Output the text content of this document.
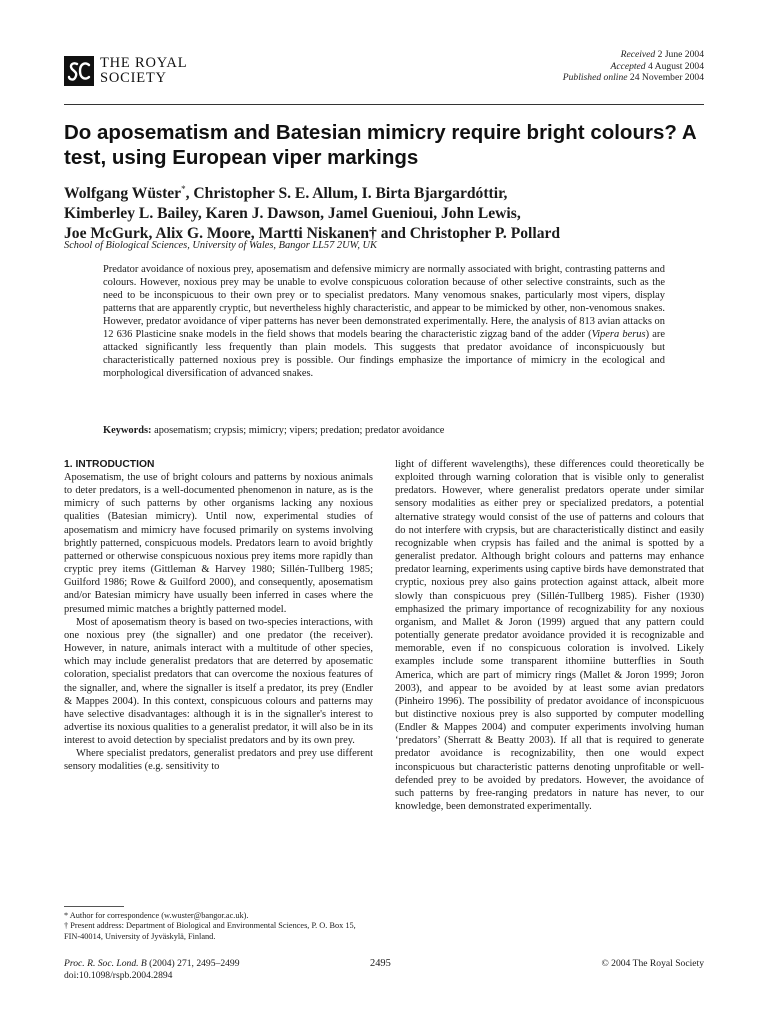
THE ROYAL
SOCIETY
Received 2 June 2004
Accepted 4 August 2004
Published online 24 November 2004
Do aposematism and Batesian mimicry require bright colours? A test, using European viper markings
Wolfgang Wüster*, Christopher S. E. Allum, I. Birta Bjargardóttir,
Kimberley L. Bailey, Karen J. Dawson, Jamel Guenioui, John Lewis,
Joe McGurk, Alix G. Moore, Martti Niskanen† and Christopher P. Pollard
School of Biological Sciences, University of Wales, Bangor LL57 2UW, UK

Predator avoidance of noxious prey, aposematism and defensive mimicry are normally associated with bright, contrasting patterns and colours. However, noxious prey may be unable to evolve conspicuous coloration because of other selective constraints, such as the need to be inconspicuous to their own prey or to specialist predators. Many venomous snakes, particularly most vipers, display patterns that are apparently cryptic, but nevertheless highly characteristic, and appear to be mimicked by other, non-venomous snakes. However, predator avoidance of viper patterns has never been demonstrated experimentally. Here, the analysis of 813 avian attacks on 12 636 Plasticine snake models in the field shows that models bearing the characteristic zigzag band of the adder (Vipera berus) are attacked significantly less frequently than plain models. This suggests that predator avoidance of inconspicuously but characteristically patterned noxious prey is possible. Our findings emphasize the importance of mimicry in the ecological and morphological diversification of advanced snakes.

Keywords: aposematism; crypsis; mimicry; vipers; predation; predator avoidance
1. INTRODUCTION

Aposematism, the use of bright colours and patterns by noxious animals to deter predators, is a well-documented phenomenon in nature, as is the mimicry of such patterns by other organisms lacking any noxious qualities (Batesian mimicry). Until now, experimental studies of aposematism and mimicry have focused primarily on systems involving brightly patterned, conspicuous models. Predators learn to avoid brightly patterned or otherwise conspicuous noxious prey items more rapidly than cryptic prey items (Gittleman & Harvey 1980; Sillén-Tullberg 1985; Guilford 1986; Rowe & Guilford 2000), and consequently, aposematism and/or Batesian mimicry have usually been inferred in cases where the presumed mimic matches a brightly patterned model.

Most of aposematism theory is based on two-species interactions, with one noxious prey (the signaller) and one predator (the receiver). However, in nature, animals interact with a multitude of other species, which may include generalist predators that are deterred by aposematic coloration, specialist predators that can overcome the noxious features of the signaller, and, where the signaller is itself a predator, its prey (Endler & Mappes 2004). In this context, conspicuous colours and patterns may have selective disadvantages: although it is in the signaller's interest to advertise its noxious qualities to a generalist predator, it will also be in its interest to avoid detection by specialist predators and by its own prey.

Where specialist predators, generalist predators and prey use different sensory modalities (e.g. sensitivity to

* Author for correspondence (w.wuster@bangor.ac.uk).

† Present address: Department of Biological and Environmental Sciences, P. O. Box 15, FIN-40014, University of Jyväskylä, Finland.

light of different wavelengths), these differences could theoretically be exploited through warning coloration that is visible only to generalist predators. However, where generalist predators operate under similar sensory modalities as either prey or specialized predators, a potential alternative strategy would consist of the use of patterns and colours that do not interfere with crypsis, but are characteristically distinct and easily recognizable when crypsis has failed and the animal is spotted by a generalist predator. Although bright colours and patterns may enhance predator learning, experiments using captive birds have demonstrated that cryptic, noxious prey also gains protection against attack, albeit more slowly than conspicuous prey (Sillén-Tullberg 1985). Fisher (1930) emphasized the primary importance of recognizability for any noxious organism, and Mallet & Joron (1999) argued that any pattern could potentially generate predator avoidance provided it is recognizable and memorable, even if no conspicuous coloration is involved. Likely examples include some transparent ithomiine butterflies in South America, which are part of mimicry rings (Mallet & Joron 1999; Joron 2003), and appear to be avoided by at least some avian predators (Pinheiro 1996). The possibility of predator avoidance of inconspicuous but distinctive noxious prey is also supported by computer modelling (Endler & Mappes 2004) and computer experiments involving human ‘predators’ (Sherratt & Beatty 2003). If all that is required to generate predator avoidance is recognizability, then one would expect inconspicuous but characteristic patterns denoting unprofitable or well-defended prey to be avoided by predators. However, the avoidance of such patterns by free-ranging predators in nature has never, to our knowledge, been demonstrated experimentally.

Proc. R. Soc. Lond. B (2004) 271, 2495–2499
doi:10.1098/rspb.2004.2894
2495	© 2004 The Royal Society
